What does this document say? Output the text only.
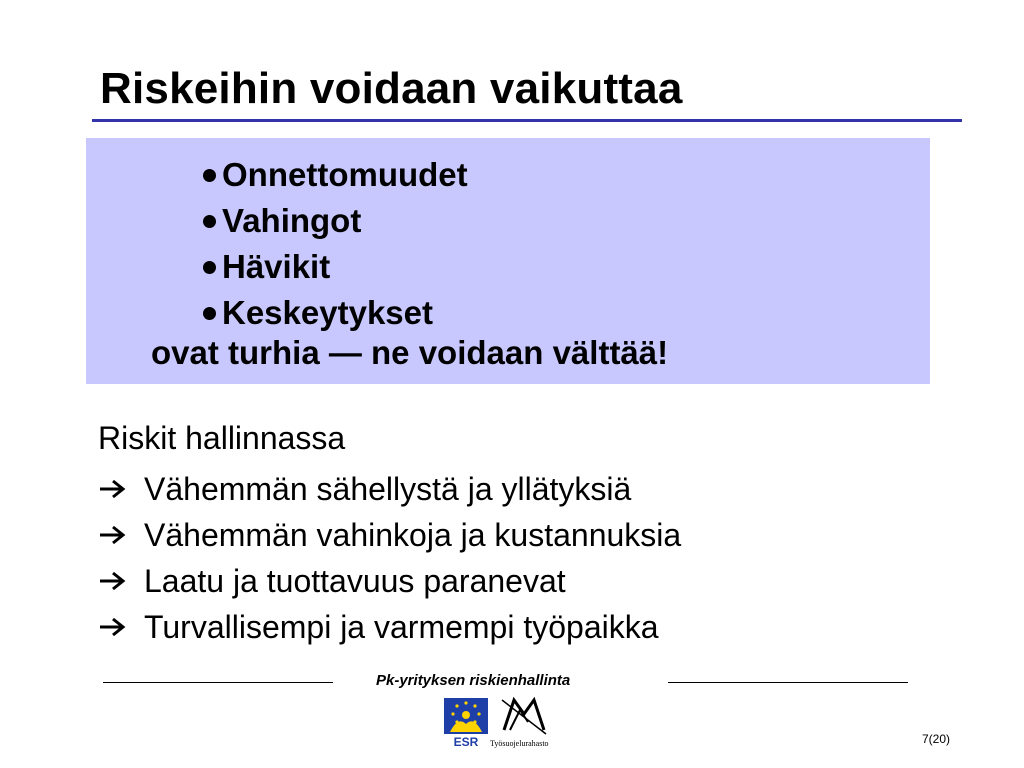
Riskeihin voidaan vaikuttaa
Onnettomuudet
Vahingot
Hävikit
Keskeytykset
ovat turhia — ne voidaan välttää!
Riskit hallinnassa
Vähemmän sähellystä ja yllätyksiä
Vähemmän vahinkoja ja kustannuksia
Laatu ja tuottavuus paranevat
Turvallisempi ja varmempi työpaikka
Pk-yrityksen riskienhallinta
ESR Työsuojelurahasto	7(20)
